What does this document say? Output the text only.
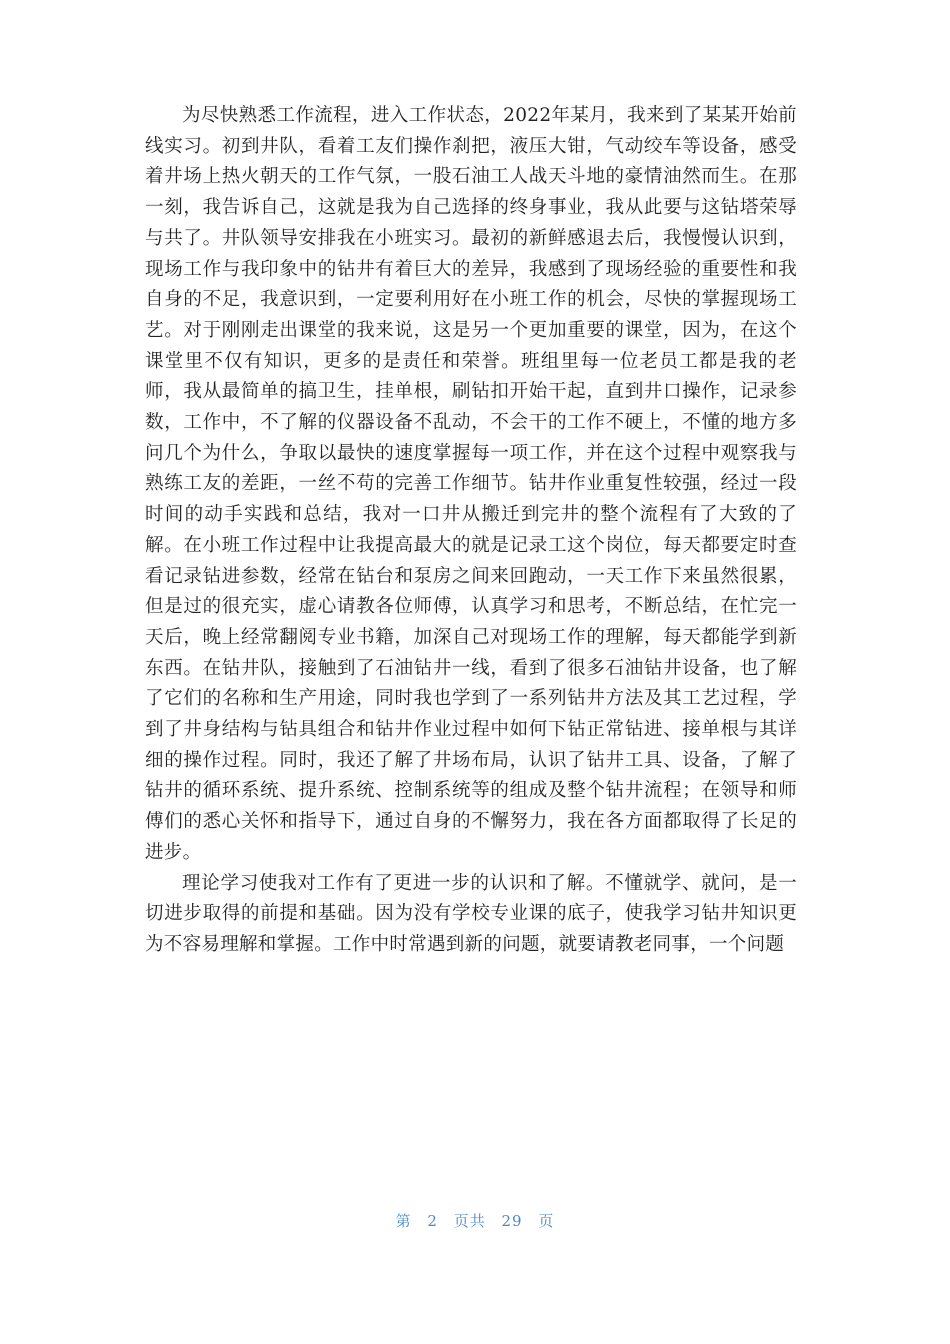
为尽快熟悉工作流程，进入工作状态，2022年某月，我来到了某某开始前线实习。初到井队，看着工友们操作刹把，液压大钳，气动绞车等设备，感受着井场上热火朝天的工作气氛，一股石油工人战天斗地的豪情油然而生。在那一刻，我告诉自己，这就是我为自己选择的终身事业，我从此要与这钻塔荣辱与共了。井队领导安排我在小班实习。最初的新鲜感退去后，我慢慢认识到，现场工作与我印象中的钻井有着巨大的差异，我感到了现场经验的重要性和我自身的不足，我意识到，一定要利用好在小班工作的机会，尽快的掌握现场工艺。对于刚刚走出课堂的我来说，这是另一个更加重要的课堂，因为，在这个课堂里不仅有知识，更多的是责任和荣誉。班组里每一位老员工都是我的老师，我从最简单的搞卫生，挂单根，刷钻扣开始干起，直到井口操作，记录参数，工作中，不了解的仪器设备不乱动，不会干的工作不硬上，不懂的地方多问几个为什么，争取以最快的速度掌握每一项工作，并在这个过程中观察我与熟练工友的差距，一丝不苟的完善工作细节。钻井作业重复性较强，经过一段时间的动手实践和总结，我对一口井从搬迁到完井的整个流程有了大致的了解。在小班工作过程中让我提高最大的就是记录工这个岗位，每天都要定时查看记录钻进参数，经常在钻台和泵房之间来回跑动，一天工作下来虽然很累，但是过的很充实，虚心请教各位师傅，认真学习和思考，不断总结，在忙完一天后，晚上经常翻阅专业书籍，加深自己对现场工作的理解，每天都能学到新东西。在钻井队，接触到了石油钻井一线，看到了很多石油钻井设备，也了解了它们的名称和生产用途，同时我也学到了一系列钻井方法及其工艺过程，学到了井身结构与钻具组合和钻井作业过程中如何下钻正常钻进、接单根与其详细的操作过程。同时，我还了解了井场布局，认识了钻井工具、设备，了解了钻井的循环系统、提升系统、控制系统等的组成及整个钻井流程；在领导和师傅们的悉心关怀和指导下，通过自身的不懈努力，我在各方面都取得了长足的进步。

理论学习使我对工作有了更进一步的认识和了解。不懂就学、就问，是一切进步取得的前提和基础。因为没有学校专业课的底子，使我学习钻井知识更为不容易理解和掌握。工作中时常遇到新的问题，就要请教老同事，一个问题

第 2 页共 29 页
